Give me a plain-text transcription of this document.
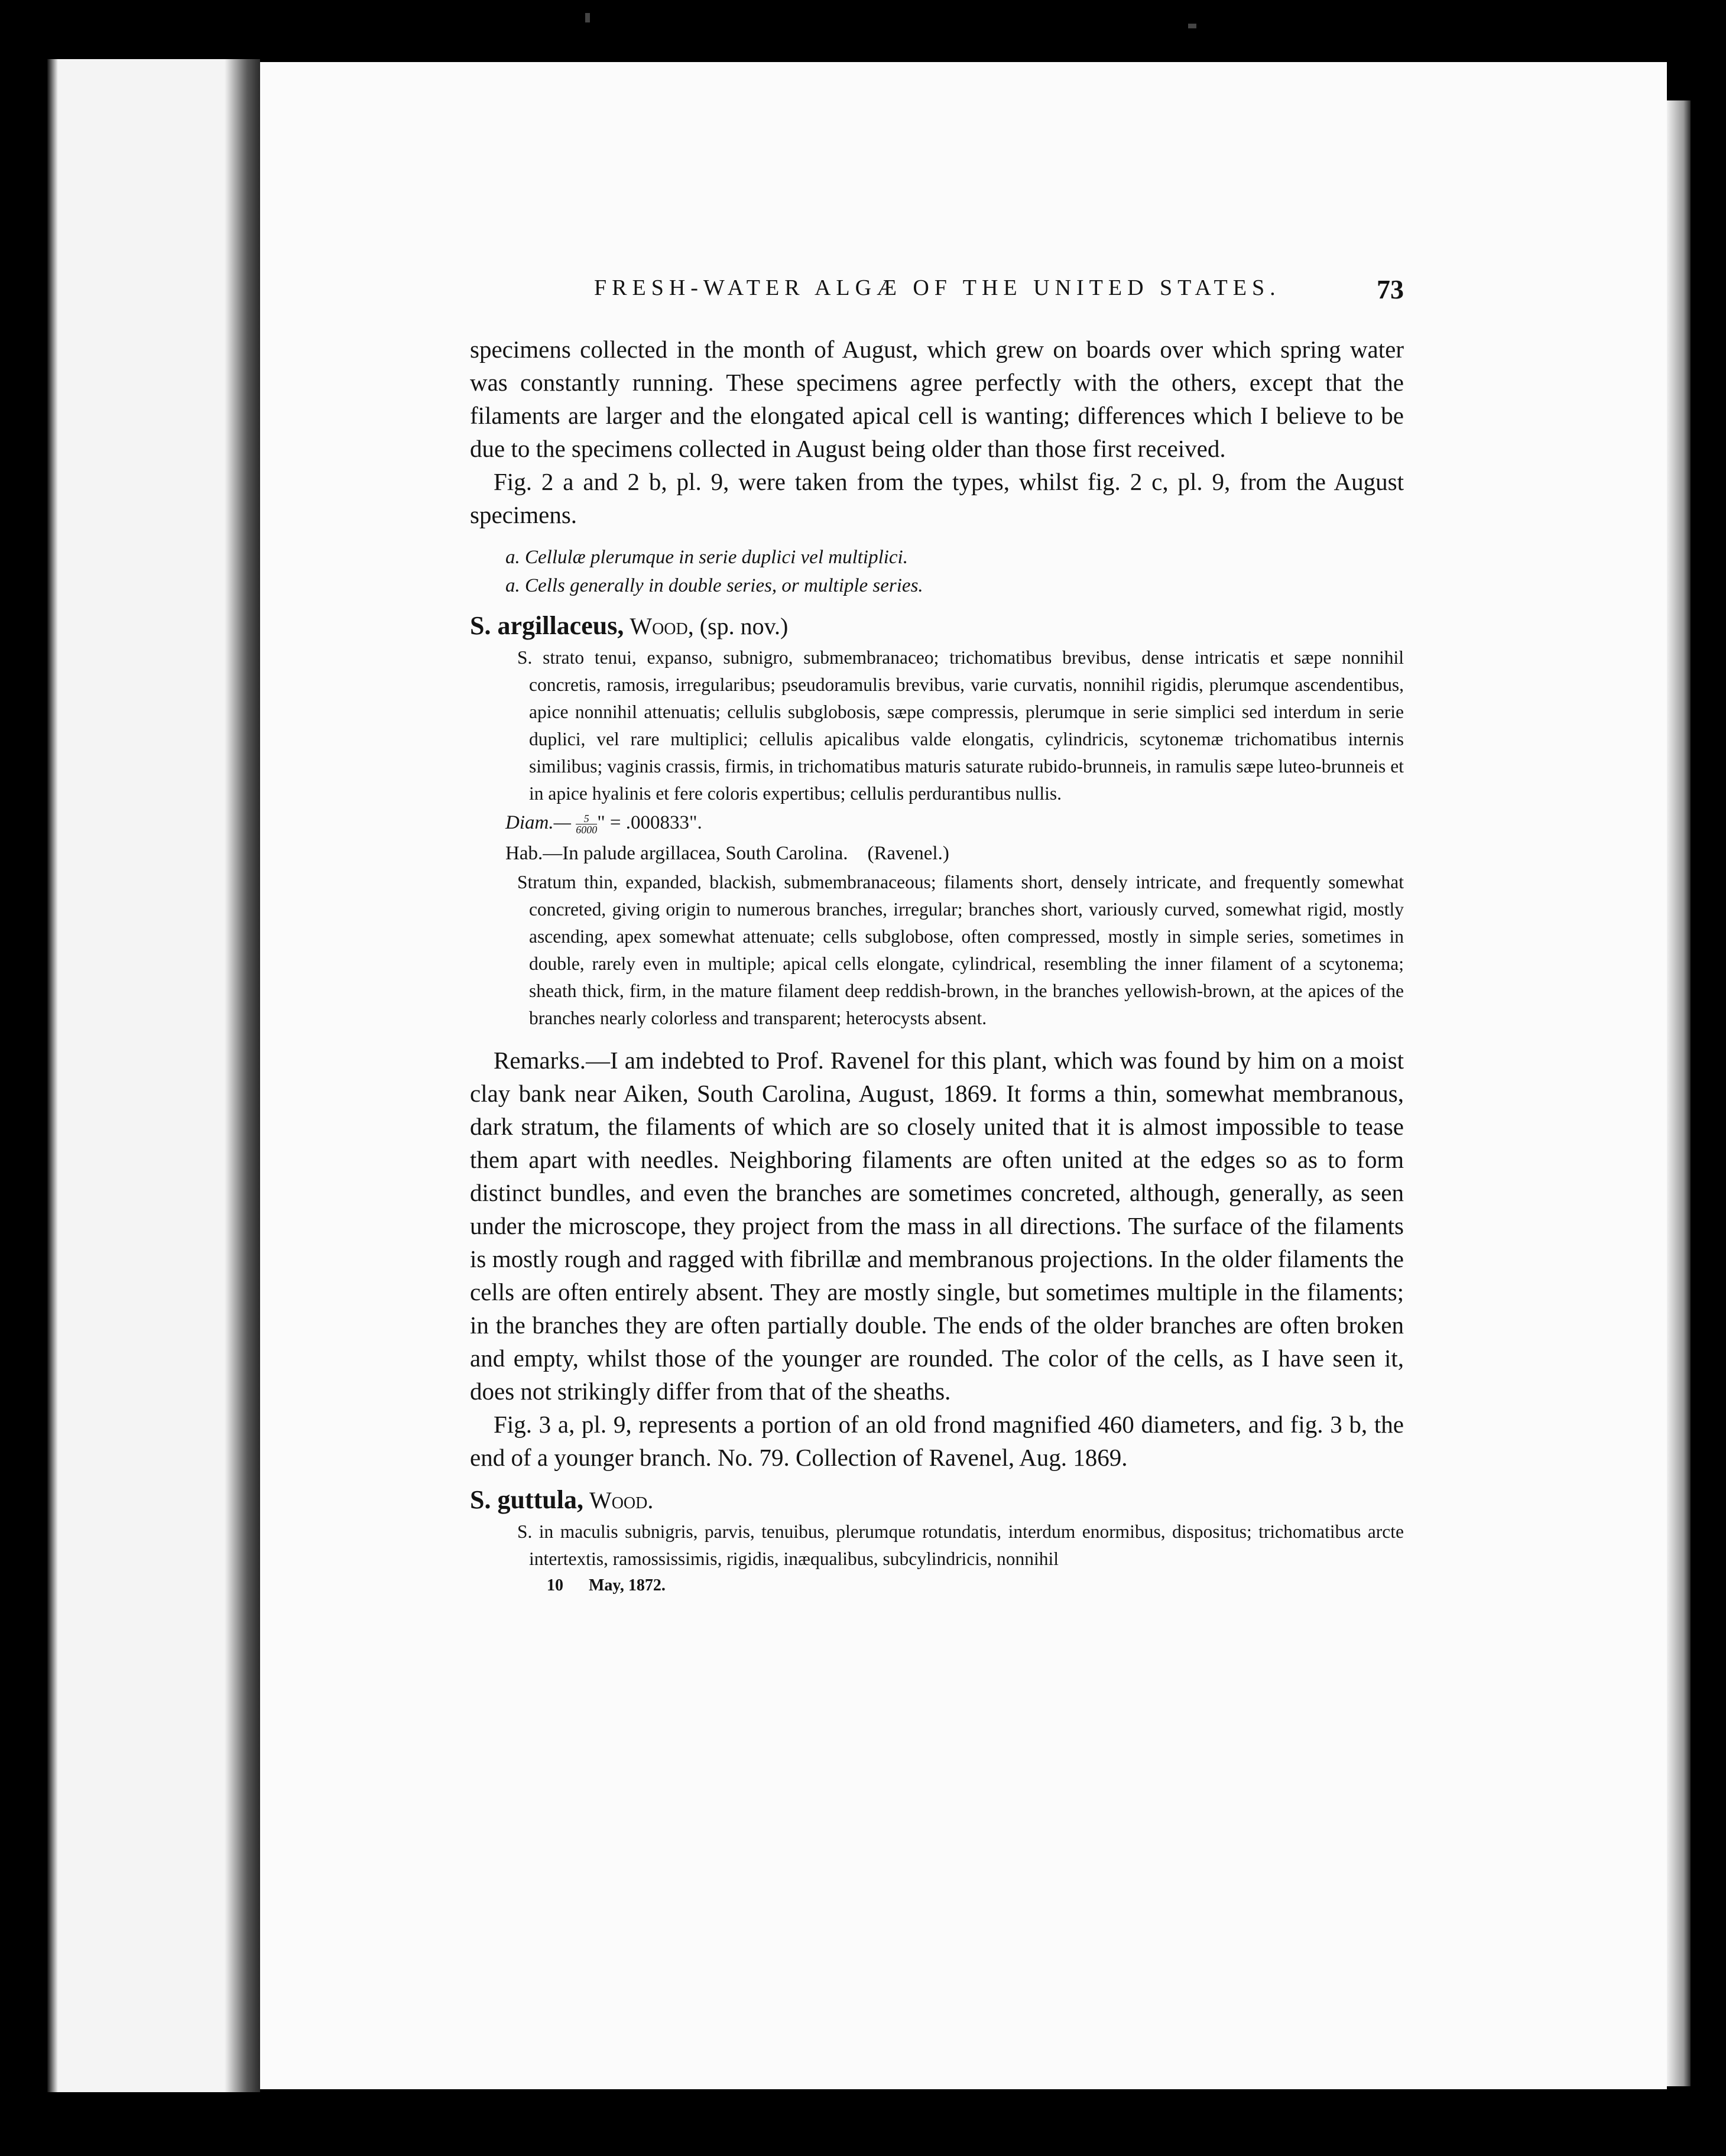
FRESH-WATER ALGÆ OF THE UNITED STATES.	73

specimens collected in the month of August, which grew on boards over which spring water was constantly running. These specimens agree perfectly with the others, except that the filaments are larger and the elongated apical cell is wanting; differences which I believe to be due to the specimens collected in August being older than those first received.

Fig. 2 a and 2 b, pl. 9, were taken from the types, whilst fig. 2 c, pl. 9, from the August specimens.

a. Cellulæ plerumque in serie duplici vel multiplici.

a. Cells generally in double series, or multiple series.

S. argillaceus, Wood, (sp. nov.)

S. strato tenui, expanso, subnigro, submembranaceo; trichomatibus brevibus, dense intricatis et sæpe nonnihil concretis, ramosis, irregularibus; pseudoramulis brevibus, varie curvatis, nonnihil rigidis, plerumque ascendentibus, apice nonnihil attenuatis; cellulis subglobosis, sæpe compressis, plerumque in serie simplici sed interdum in serie duplici, vel rare multiplici; cellulis apicalibus valde elongatis, cylindricis, scytonemæ trichomatibus internis similibus; vaginis crassis, firmis, in trichomatibus maturis saturate rubido-brunneis, in ramulis sæpe luteo-brunneis et in apice hyalinis et fere coloris expertibus; cellulis perdurantibus nullis.

Diam.— $\frac{5}{6000}$ " = .000833".

Hab.—In palude argillacea, South Carolina. (Ravenel.)

Stratum thin, expanded, blackish, submembranaceous; filaments short, densely intricate, and frequently somewhat concreted, giving origin to numerous branches, irregular; branches short, variously curved, somewhat rigid, mostly ascending, apex somewhat attenuate; cells subglobose, often compressed, mostly in simple series, sometimes in double, rarely even in multiple; apical cells elongate, cylindrical, resembling the inner filament of a scytonema; sheath thick, firm, in the mature filament deep reddish-brown, in the branches yellowish-brown, at the apices of the branches nearly colorless and transparent; heterocysts absent.

Remarks.—I am indebted to Prof. Ravenel for this plant, which was found by him on a moist clay bank near Aiken, South Carolina, August, 1869. It forms a thin, somewhat membranous, dark stratum, the filaments of which are so closely united that it is almost impossible to tease them apart with needles. Neighboring filaments are often united at the edges so as to form distinct bundles, and even the branches are sometimes concreted, although, generally, as seen under the microscope, they project from the mass in all directions. The surface of the filaments is mostly rough and ragged with fibrillæ and membranous projections. In the older filaments the cells are often entirely absent. They are mostly single, but sometimes multiple in the filaments; in the branches they are often partially double. The ends of the older branches are often broken and empty, whilst those of the younger are rounded. The color of the cells, as I have seen it, does not strikingly differ from that of the sheaths.

Fig. 3 a, pl. 9, represents a portion of an old frond magnified 460 diameters, and fig. 3 b, the end of a younger branch. No. 79. Collection of Ravenel, Aug. 1869.

S. guttula, Wood.

S. in maculis subnigris, parvis, tenuibus, plerumque rotundatis, interdum enormibus, dispositus; trichomatibus arcte intertextis, ramossissimis, rigidis, inæqualibus, subcylindricis, nonnihil

10 May, 1872.
